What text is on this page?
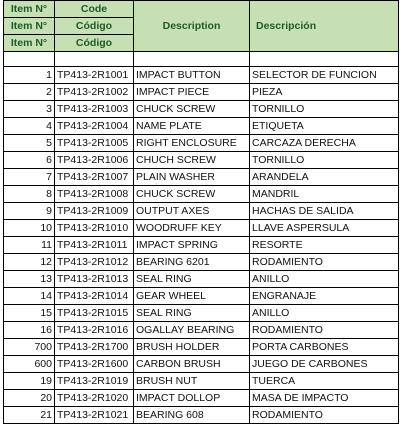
Item N°	Code	Description	Descripción
Item N°	Código		
Item N°	Código		

1	TP413-2R1001	IMPACT BUTTON	SELECTOR DE FUNCION
2	TP413-2R1002	IMPACT PIECE	PIEZA
3	TP413-2R1003	CHUCK SCREW	TORNILLO
4	TP413-2R1004	NAME PLATE	ETIQUETA
5	TP413-2R1005	RIGHT ENCLOSURE	CARCAZA DERECHA
6	TP413-2R1006	CHUCH SCREW	TORNILLO
7	TP413-2R1007	PLAIN WASHER	ARANDELA
8	TP413-2R1008	CHUCK SCREW	MANDRIL
9	TP413-2R1009	OUTPUT AXES	HACHAS DE SALIDA
10	TP413-2R1010	WOODRUFF KEY	LLAVE ASPERSULA
11	TP413-2R1011	IMPACT SPRING	RESORTE
12	TP413-2R1012	BEARING 6201	RODAMIENTO
13	TP413-2R1013	SEAL RING	ANILLO
14	TP413-2R1014	GEAR WHEEL	ENGRANAJE
15	TP413-2R1015	SEAL RING	ANILLO
16	TP413-2R1016	OGALLAY BEARING	RODAMIENTO
700	TP413-2R1700	BRUSH HOLDER	PORTA CARBONES
600	TP413-2R1600	CARBON BRUSH	JUEGO DE CARBONES
19	TP413-2R1019	BRUSH NUT	TUERCA
20	TP413-2R1020	IMPACT DOLLOP	MASA DE IMPACTO
21	TP413-2R1021	BEARING 608	RODAMIENTO
